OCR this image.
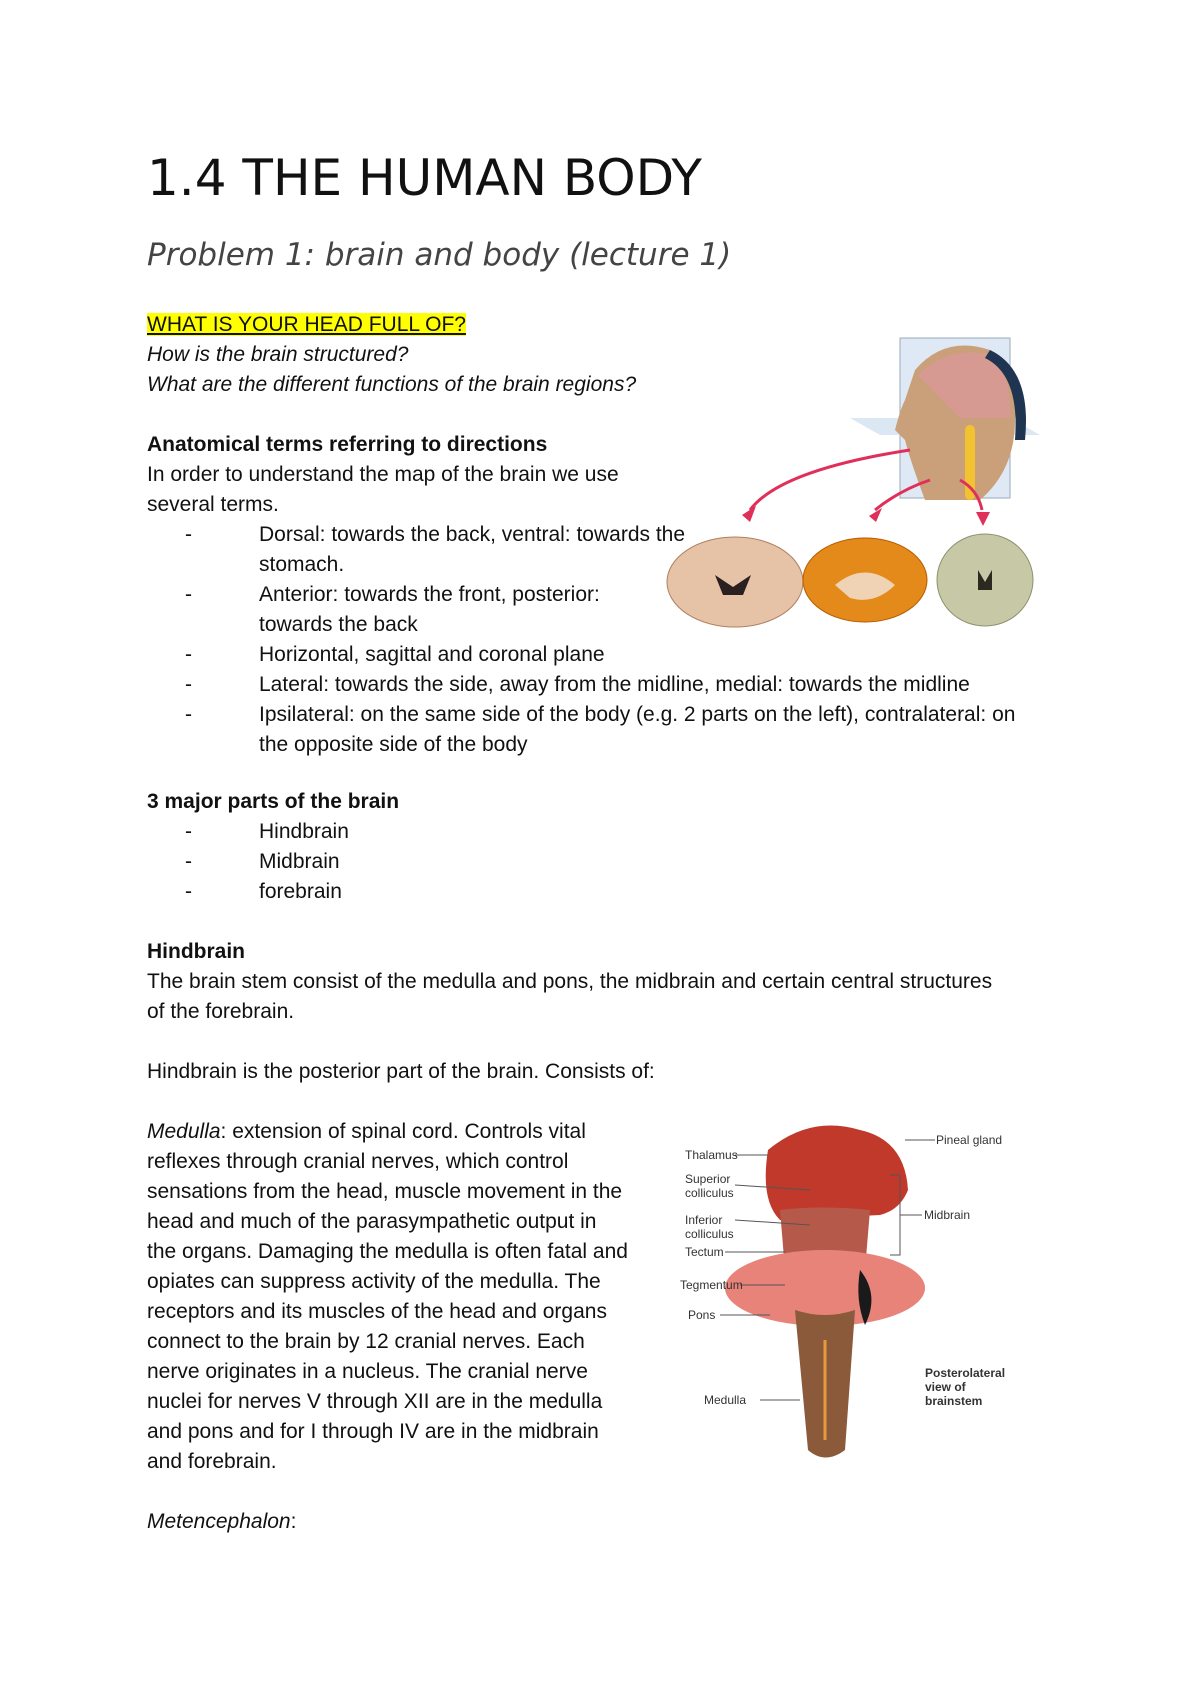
1.4 THE HUMAN BODY
Problem 1: brain and body (lecture 1)
WHAT IS YOUR HEAD FULL OF?
How is the brain structured?
What are the different functions of the brain regions?
Anatomical terms referring to directions
In order to understand the map of the brain we use
several terms.
-	Dorsal: towards the back, ventral: towards the
stomach.
-	Anterior: towards the front, posterior:
towards the back
-	Horizontal, sagittal and coronal plane
-	Lateral: towards the side, away from the midline, medial: towards the midline
-	Ipsilateral: on the same side of the body (e.g. 2 parts on the left), contralateral: on
the opposite side of the body
3 major parts of the brain
-	Hindbrain
-	Midbrain
-	forebrain
Hindbrain
The brain stem consist of the medulla and pons, the midbrain and certain central structures
of the forebrain.
Hindbrain is the posterior part of the brain. Consists of:
Medulla: extension of spinal cord. Controls vital
reflexes through cranial nerves, which control
sensations from the head, muscle movement in the
head and much of the parasympathetic output in
the organs. Damaging the medulla is often fatal and
opiates can suppress activity of the medulla. The
receptors and its muscles of the head and organs
connect to the brain by 12 cranial nerves. Each
nerve originates in a nucleus. The cranial nerve
nuclei for nerves V through XII are in the medulla
and pons and for I through IV are in the midbrain
and forebrain.
Metencephalon:
Thalamus
Superior
colliculus
Inferior
colliculus
Tectum
Tegmentum
Pons
Medulla
Pineal gland
Midbrain
Posterolateral
view of
brainstem
